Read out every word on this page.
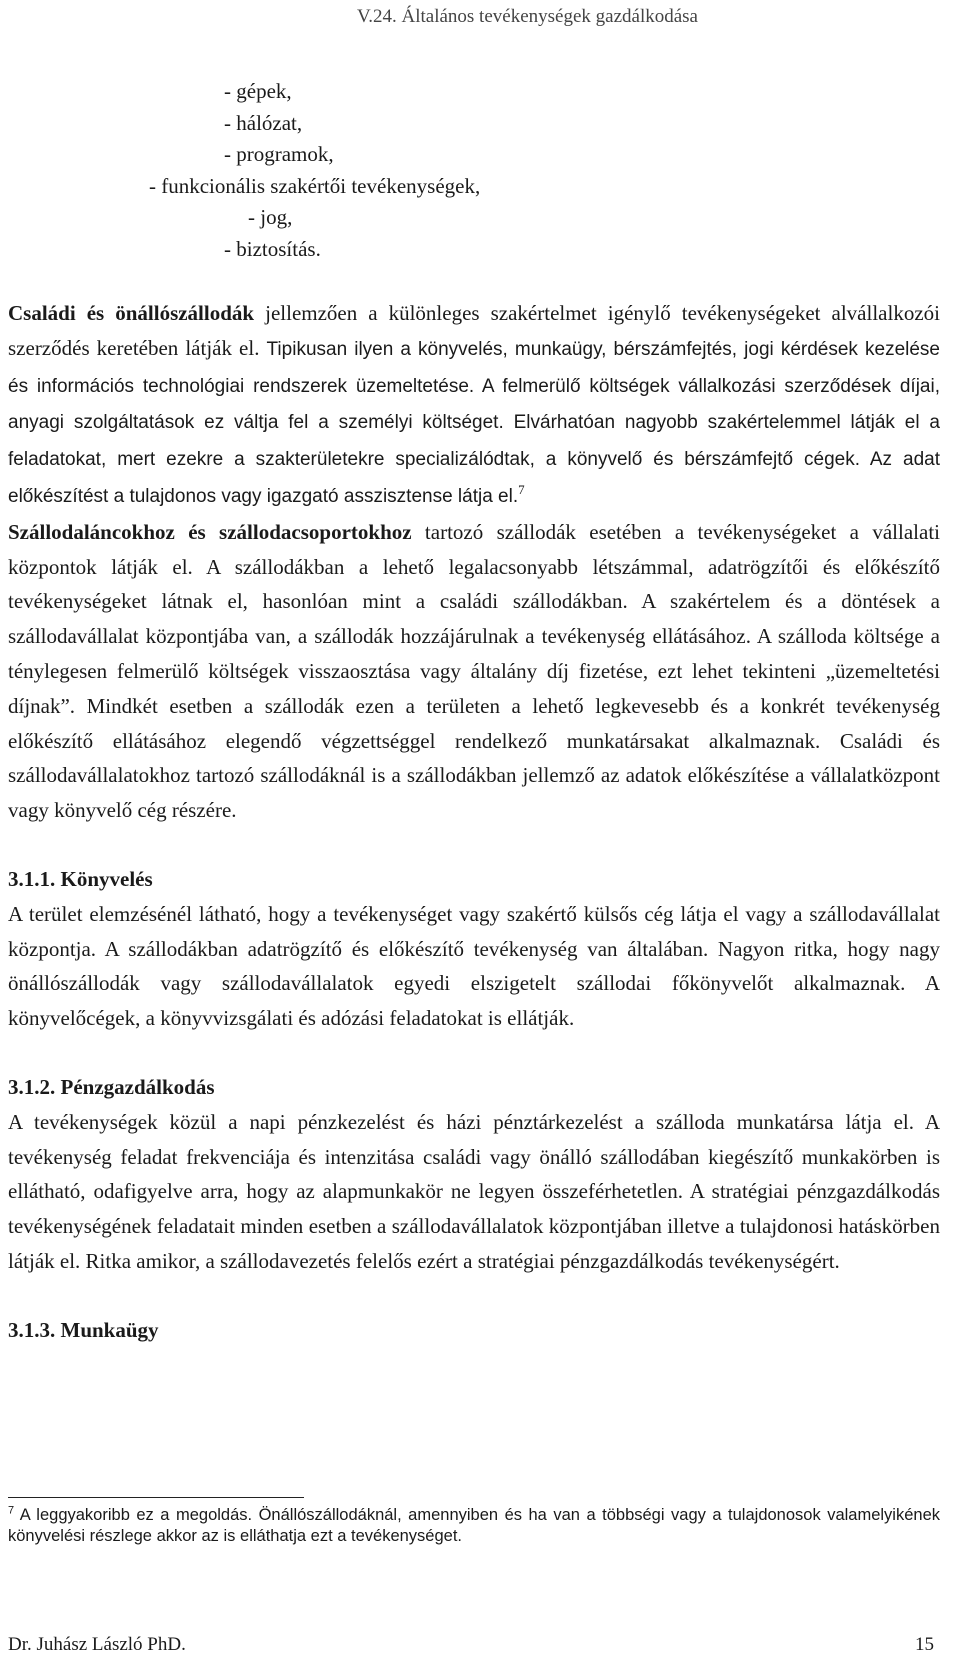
V.24. Általános tevékenységek gazdálkodása
- gépek,
- hálózat,
- programok,
- funkcionális szakértői tevékenységek,
- jog,
- biztosítás.

Családi és önállószállodák jellemzően a különleges szakértelmet igénylő tevékenységeket alvállalkozói szerződés keretében látják el. Tipikusan ilyen a könyvelés, munkaügy, bérszámfejtés, jogi kérdések kezelése és információs technológiai rendszerek üzemeltetése. A felmerülő költségek vállalkozási szerződések díjai, anyagi szolgáltatások ez váltja fel a személyi költséget. Elvárhatóan nagyobb szakértelemmel látják el a feladatokat, mert ezekre a szakterületekre specializálódtak, a könyvelő és bérszámfejtő cégek. Az adat előkészítést a tulajdonos vagy igazgató asszisztense látja el.$^7$

Szállodaláncokhoz és szállodacsoportokhoz tartozó szállodák esetében a tevékenységeket a vállalati központok látják el. A szállodákban a lehető legalacsonyabb létszámmal, adatrögzítői és előkészítő tevékenységeket látnak el, hasonlóan mint a családi szállodákban. A szakértelem és a döntések a szállodavállalat központjába van, a szállodák hozzájárulnak a tevékenység ellátásához. A szálloda költsége a ténylegesen felmerülő költségek visszaosztása vagy általány díj fizetése, ezt lehet tekinteni „üzemeltetési díjnak”. Mindkét esetben a szállodák ezen a területen a lehető legkevesebb és a konkrét tevékenység előkészítő ellátásához elegendő végzettséggel rendelkező munkatársakat alkalmaznak. Családi és szállodavállalatokhoz tartozó szállodáknál is a szállodákban jellemző az adatok előkészítése a vállalatközpont vagy könyvelő cég részére.

3.1.1. Könyvelés

A terület elemzésénél látható, hogy a tevékenységet vagy szakértő külsős cég látja el vagy a szállodavállalat központja. A szállodákban adatrögzítő és előkészítő tevékenység van általában. Nagyon ritka, hogy nagy önállószállodák vagy szállodavállalatok egyedi elszigetelt szállodai főkönyvelőt alkalmaznak. A könyvelőcégek, a könyvvizsgálati és adózási feladatokat is ellátják.

3.1.2. Pénzgazdálkodás

A tevékenységek közül a napi pénzkezelést és házi pénztárkezelést a szálloda munkatársa látja el. A tevékenység feladat frekvenciája és intenzitása családi vagy önálló szállodában kiegészítő munkakörben is ellátható, odafigyelve arra, hogy az alapmunkakör ne legyen összeférhetetlen. A stratégiai pénzgazdálkodás tevékenységének feladatait minden esetben a szállodavállalatok központjában illetve a tulajdonosi hatáskörben látják el. Ritka amikor, a szállodavezetés felelős ezért a stratégiai pénzgazdálkodás tevékenységért.

3.1.3. Munkaügy

$^7$ A leggyakoribb ez a megoldás. Önállószállodáknál, amennyiben és ha van a többségi vagy a tulajdonosok valamelyikének könyvelési részlege akkor az is elláthatja ezt a tevékenységet.
Dr. Juhász László PhD.	15
